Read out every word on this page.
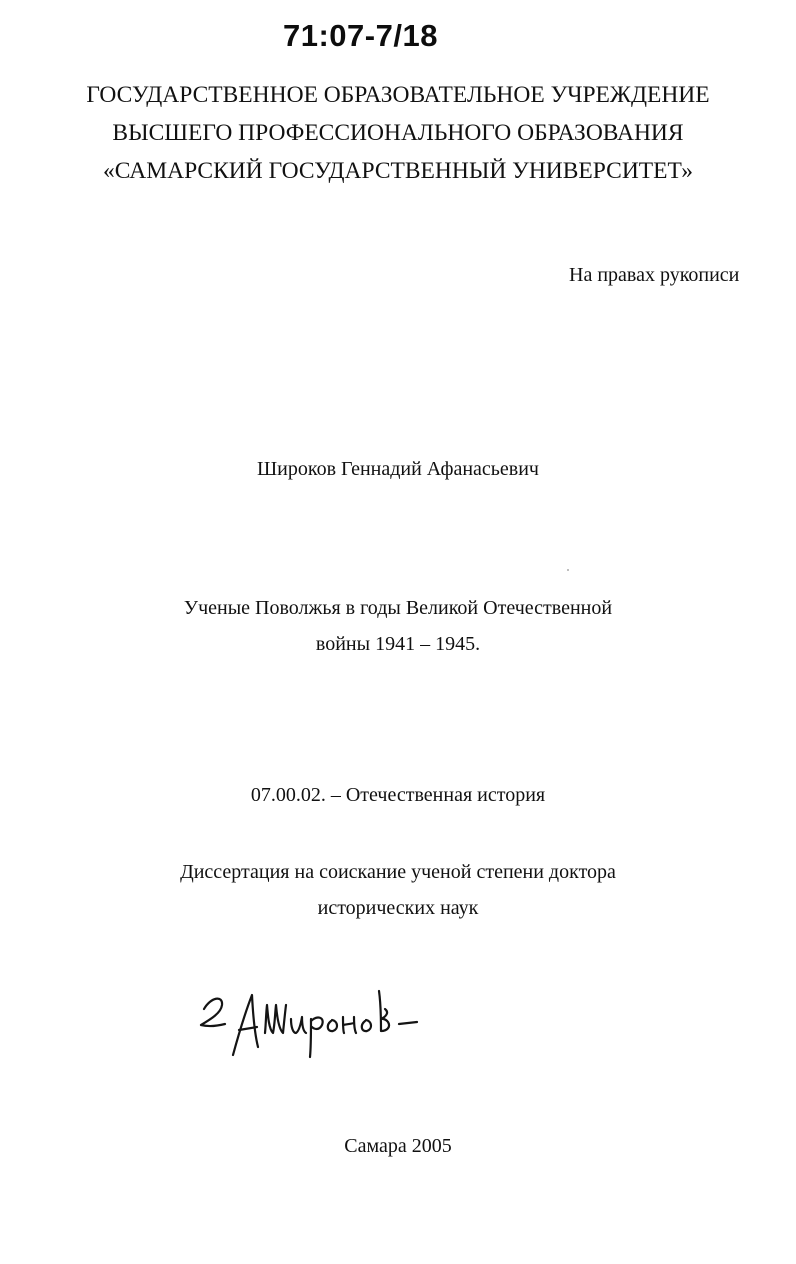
71:07-7/18
ГОСУДАРСТВЕННОЕ ОБРАЗОВАТЕЛЬНОЕ УЧРЕЖДЕНИЕ
ВЫСШЕГО ПРОФЕССИОНАЛЬНОГО ОБРАЗОВАНИЯ
«САМАРСКИЙ ГОСУДАРСТВЕННЫЙ УНИВЕРСИТЕТ»
На правах рукописи
Широков Геннадий Афанасьевич
Ученые Поволжья в годы Великой Отечественной
войны 1941 – 1945.
07.00.02. – Отечественная история
Диссертация на соискание ученой степени доктора
исторических наук
Самара 2005
